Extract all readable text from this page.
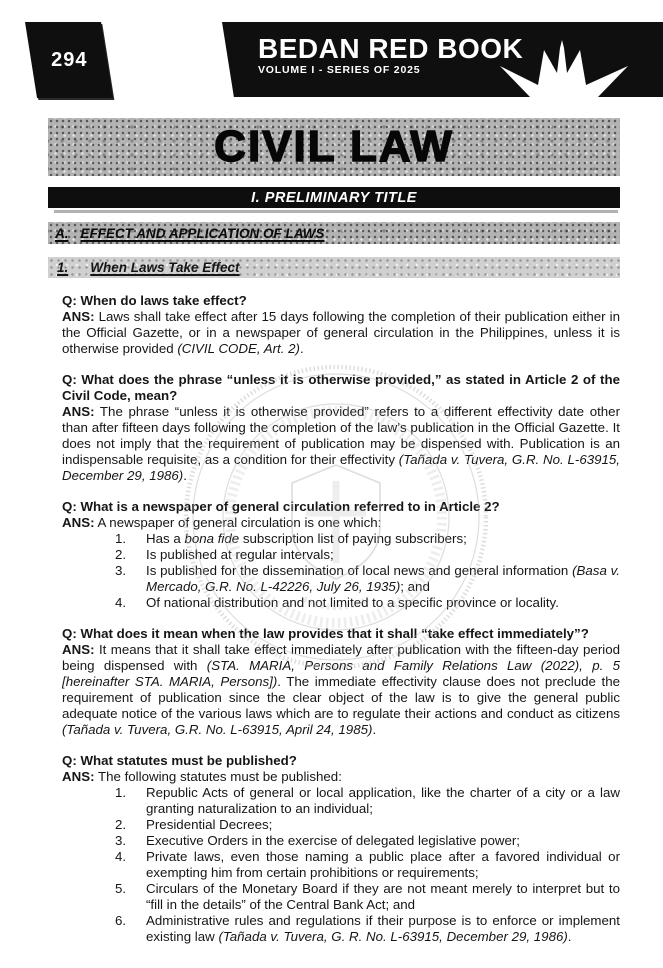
294	BEDAN RED BOOK
VOLUME I - SERIES OF 2025
CIVIL LAW
I. PRELIMINARY TITLE
A. EFFECT AND APPLICATION OF LAWS
1. When Laws Take Effect

Q: When do laws take effect?

ANS: Laws shall take effect after 15 days following the completion of their publication either in the Official Gazette, or in a newspaper of general circulation in the Philippines, unless it is otherwise provided (CIVIL CODE, Art. 2).

Q: What does the phrase “unless it is otherwise provided,” as stated in Article 2 of the Civil Code, mean?

ANS: The phrase “unless it is otherwise provided” refers to a different effectivity date other than after fifteen days following the completion of the law’s publication in the Official Gazette. It does not imply that the requirement of publication may be dispensed with. Publication is an indispensable requisite, as a condition for their effectivity (Tañada v. Tuvera, G.R. No. L-63915, December 29, 1986).

Q: What is a newspaper of general circulation referred to in Article 2?

ANS: A newspaper of general circulation is one which:

1.	Has a bona fide subscription list of paying subscribers;
2.	Is published at regular intervals;
3.	Is published for the dissemination of local news and general information (Basa v. Mercado, G.R. No. L-42226, July 26, 1935); and
4.	Of national distribution and not limited to a specific province or locality.

Q: What does it mean when the law provides that it shall “take effect immediately”?

ANS: It means that it shall take effect immediately after publication with the fifteen-day period being dispensed with (STA. MARIA, Persons and Family Relations Law (2022), p. 5 [hereinafter STA. MARIA, Persons]). The immediate effectivity clause does not preclude the requirement of publication since the clear object of the law is to give the general public adequate notice of the various laws which are to regulate their actions and conduct as citizens (Tañada v. Tuvera, G.R. No. L-63915, April 24, 1985).

Q: What statutes must be published?

ANS: The following statutes must be published:

1.	Republic Acts of general or local application, like the charter of a city or a law granting naturalization to an individual;
2.	Presidential Decrees;
3.	Executive Orders in the exercise of delegated legislative power;
4.	Private laws, even those naming a public place after a favored individual or exempting him from certain prohibitions or requirements;
5.	Circulars of the Monetary Board if they are not meant merely to interpret but to “fill in the details” of the Central Bank Act; and
6.	Administrative rules and regulations if their purpose is to enforce or implement existing law (Tañada v. Tuvera, G. R. No. L-63915, December 29, 1986).
